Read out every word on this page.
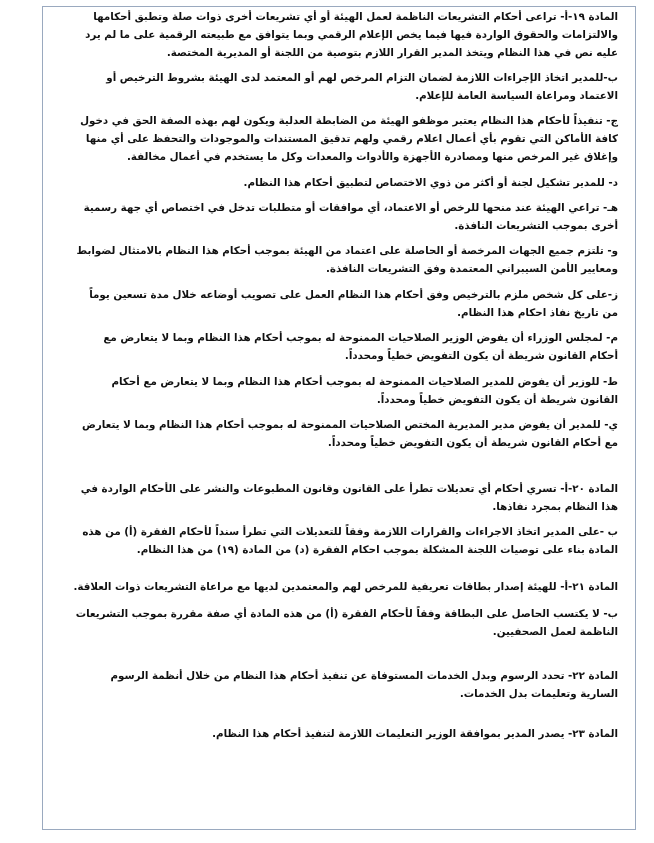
المادة ١٩-أ- تراعى أحكام التشريعات الناظمة لعمل الهيئة أو أي تشريعات أخرى ذوات صلة وتطبق أحكامها والالتزامات والحقوق الواردة فيها فيما يخص الإعلام الرقمي وبما يتوافق مع طبيعته الرقمية على ما لم يرد عليه نص في هذا النظام ويتخذ المدير القرار اللازم بتوصية من اللجنة أو المديرية المختصة.
ب-للمدير اتخاذ الإجراءات اللازمة لضمان التزام المرخص لهم أو المعتمد لدى الهيئة بشروط الترخيص أو الاعتماد ومراعاة السياسة العامة للإعلام.
ج- تنفيذاً لأحكام هذا النظام يعتبر موظفو الهيئة من الضابطة العدلية ويكون لهم بهذه الصفة الحق في دخول كافة الأماكن التي تقوم بأي أعمال اعلام رقمي ولهم تدقيق المستندات والموجودات والتحفظ على أي منها وإغلاق غير المرخص منها ومصادرة الأجهزة والأدوات والمعدات وكل ما يستخدم في أعمال مخالفة.
د- للمدير تشكيل لجنة أو أكثر من ذوي الاختصاص لتطبيق أحكام هذا النظام.
هـ- تراعي الهيئة عند منحها للرخص أو الاعتماد، أي موافقات أو متطلبات تدخل في اختصاص أي جهة رسمية أخرى بموجب التشريعات النافذة.
و- تلتزم جميع الجهات المرخصة أو الحاصلة على اعتماد من الهيئة بموجب أحكام هذا النظام بالامتثال لضوابط ومعايير الأمن السيبراني المعتمدة وفق التشريعات النافذة.
ز-على كل شخص ملزم بالترخيص وفق أحكام هذا النظام العمل على تصويب أوضاعه خلال مدة تسعين يوماً من تاريخ نفاذ احكام هذا النظام.
م- لمجلس الوزراء أن يفوض الوزير الصلاحيات الممنوحة له بموجب أحكام هذا النظام وبما لا يتعارض مع أحكام القانون شريطة أن يكون التفويض خطياً ومحدداً.
ط- للوزير أن يفوض للمدير الصلاحيات الممنوحة له بموجب أحكام هذا النظام وبما لا يتعارض مع أحكام القانون شريطة أن يكون التفويض خطياً ومحدداً.
ي- للمدير أن يفوض مدير المديرية المختص الصلاحيات الممنوحة له بموجب أحكام هذا النظام وبما لا يتعارض مع أحكام القانون شريطة أن يكون التفويض خطياً ومحدداً.
المادة ٢٠-أ- تسري أحكام أي تعديلات تطرأ على القانون وقانون المطبوعات والنشر على الأحكام الواردة في هذا النظام بمجرد نفاذها.
ب -على المدير اتخاذ الاجراءات والقرارات اللازمة وفقاً للتعديلات التي تطرأ سنداً لأحكام الفقرة (أ) من هذه المادة بناء على توصيات اللجنة المشكلة بموجب احكام الفقرة (د) من المادة (١٩) من هذا النظام.
المادة ٢١-أ- للهيئة إصدار بطاقات تعريفية للمرخص لهم والمعتمدين لديها مع مراعاة التشريعات ذوات العلاقة.
ب- لا يكتسب الحاصل على البطاقة وفقاً لأحكام الفقرة (أ) من هذه المادة أي صفة مقررة بموجب التشريعات الناظمة لعمل الصحفيين.
المادة ٢٢- تحدد الرسوم وبدل الخدمات المستوفاة عن تنفيذ أحكام هذا النظام من خلال أنظمة الرسوم السارية وتعليمات بدل الخدمات.
المادة ٢٣- يصدر المدير بموافقة الوزير التعليمات اللازمة لتنفيذ أحكام هذا النظام.
